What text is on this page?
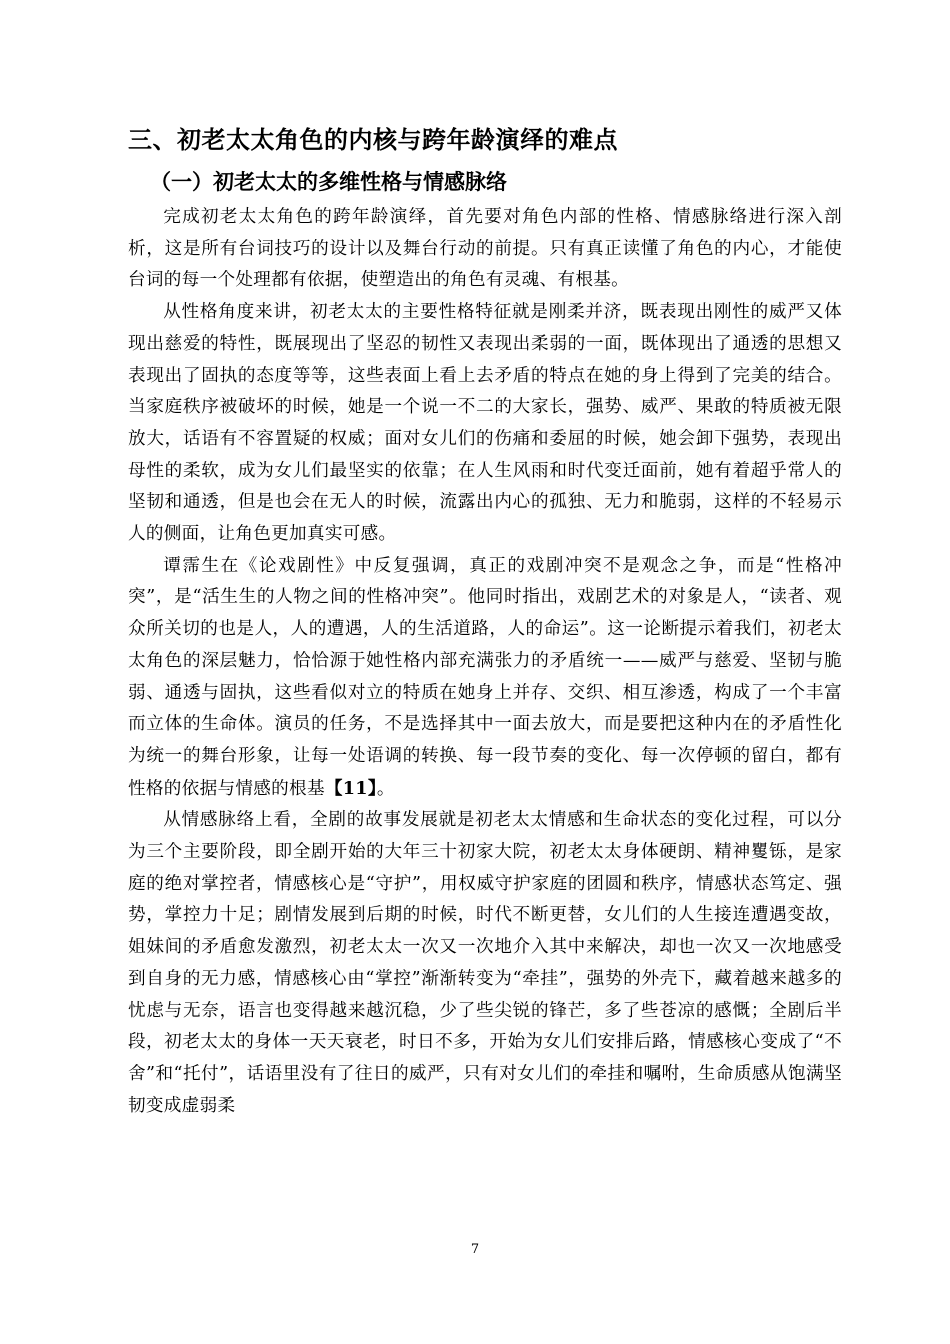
三、初老太太角色的内核与跨年龄演绎的难点
（一）初老太太的多维性格与情感脉络

完成初老太太角色的跨年龄演绎，首先要对角色内部的性格、情感脉络进行深入剖析，这是所有台词技巧的设计以及舞台行动的前提。只有真正读懂了角色的内心，才能使台词的每一个处理都有依据，使塑造出的角色有灵魂、有根基。

从性格角度来讲，初老太太的主要性格特征就是刚柔并济，既表现出刚性的威严又体现出慈爱的特性，既展现出了坚忍的韧性又表现出柔弱的一面，既体现出了通透的思想又表现出了固执的态度等等，这些表面上看上去矛盾的特点在她的身上得到了完美的结合。当家庭秩序被破坏的时候，她是一个说一不二的大家长，强势、威严、果敢的特质被无限放大，话语有不容置疑的权威；面对女儿们的伤痛和委屈的时候，她会卸下强势，表现出母性的柔软，成为女儿们最坚实的依靠；在人生风雨和时代变迁面前，她有着超乎常人的坚韧和通透，但是也会在无人的时候，流露出内心的孤独、无力和脆弱，这样的不轻易示人的侧面，让角色更加真实可感。

谭霈生在《论戏剧性》中反复强调，真正的戏剧冲突不是观念之争，而是“性格冲突”，是“活生生的人物之间的性格冲突”。他同时指出，戏剧艺术的对象是人，“读者、观众所关切的也是人，人的遭遇，人的生活道路，人的命运”。这一论断提示着我们，初老太太角色的深层魅力，恰恰源于她性格内部充满张力的矛盾统一——威严与慈爱、坚韧与脆弱、通透与固执，这些看似对立的特质在她身上并存、交织、相互渗透，构成了一个丰富而立体的生命体。演员的任务，不是选择其中一面去放大，而是要把这种内在的矛盾性化为统一的舞台形象，让每一处语调的转换、每一段节奏的变化、每一次停顿的留白，都有性格的依据与情感的根基【11】。

从情感脉络上看，全剧的故事发展就是初老太太情感和生命状态的变化过程，可以分为三个主要阶段，即全剧开始的大年三十初家大院，初老太太身体硬朗、精神矍铄，是家庭的绝对掌控者，情感核心是“守护”，用权威守护家庭的团圆和秩序，情感状态笃定、强势，掌控力十足；剧情发展到后期的时候，时代不断更替，女儿们的人生接连遭遇变故，姐妹间的矛盾愈发激烈，初老太太一次又一次地介入其中来解决，却也一次又一次地感受到自身的无力感，情感核心由“掌控”渐渐转变为“牵挂”，强势的外壳下，藏着越来越多的忧虑与无奈，语言也变得越来越沉稳，少了些尖锐的锋芒，多了些苍凉的感慨；全剧后半段，初老太太的身体一天天衰老，时日不多，开始为女儿们安排后路，情感核心变成了“不舍”和“托付”，话语里没有了往日的威严，只有对女儿们的牵挂和嘱咐，生命质感从饱满坚韧变成虚弱柔

7
